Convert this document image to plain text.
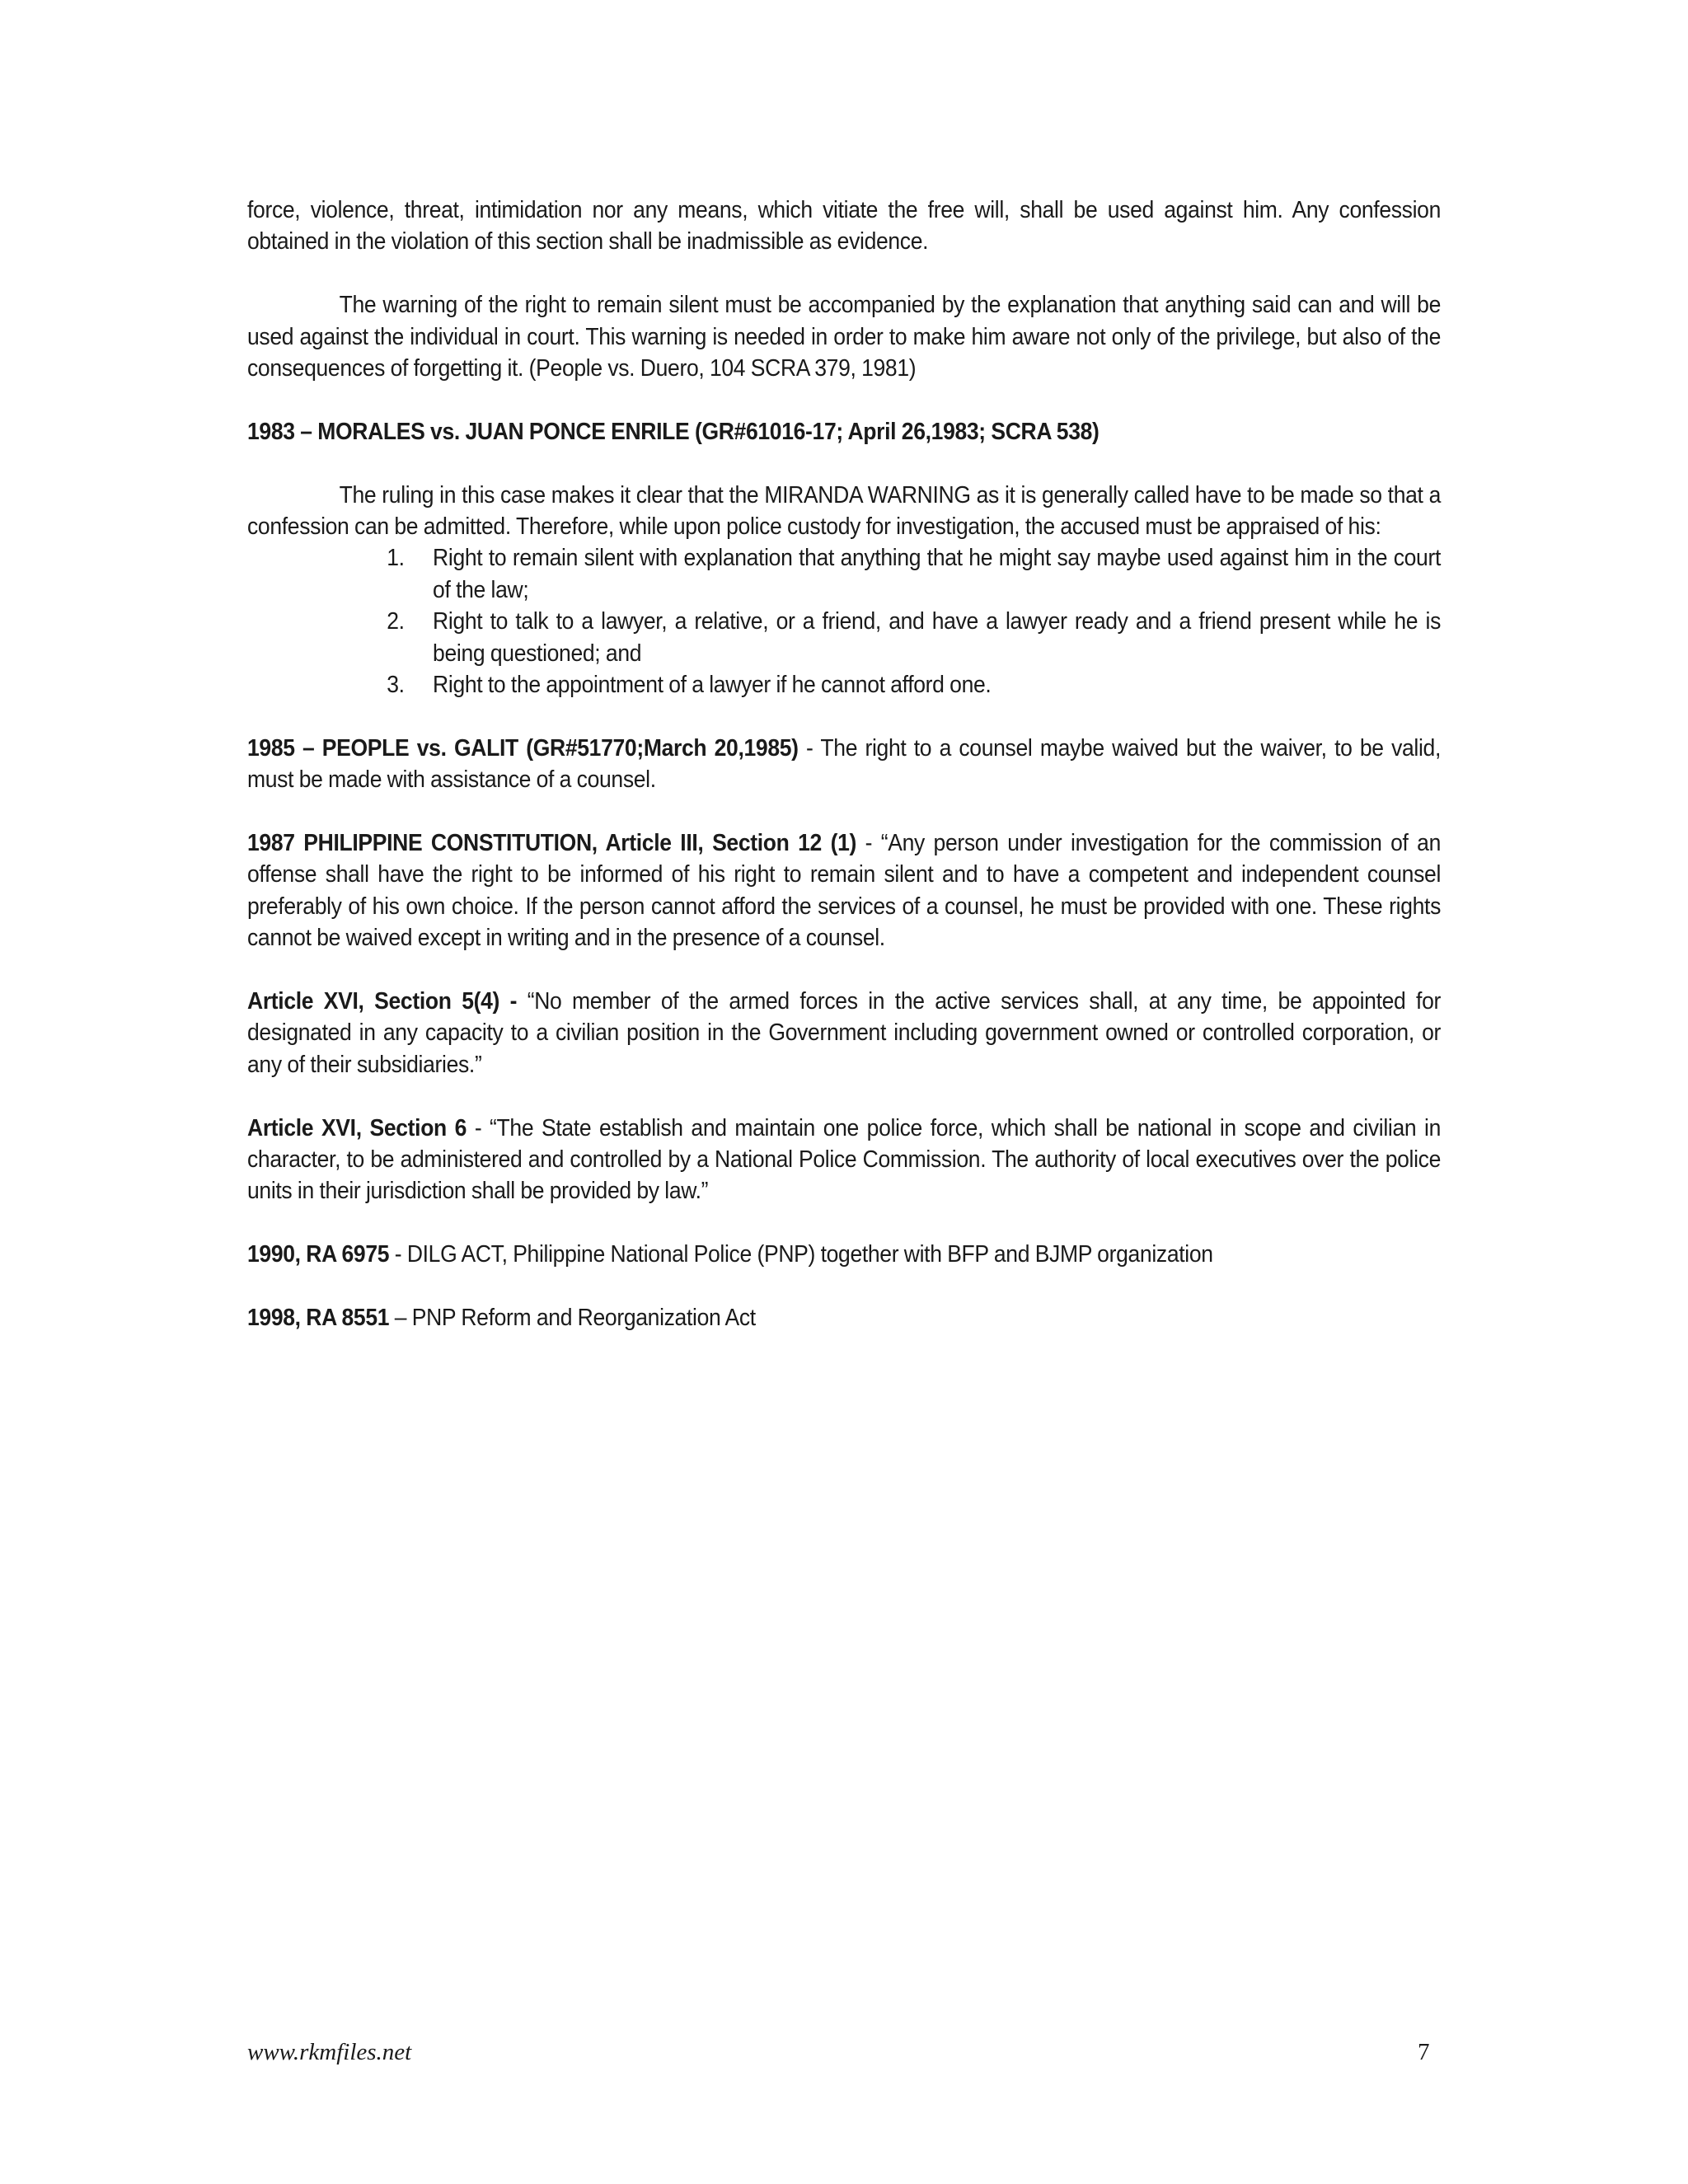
force, violence, threat, intimidation nor any means, which vitiate the free will, shall be used against him. Any confession obtained in the violation of this section shall be inadmissible as evidence.

The warning of the right to remain silent must be accompanied by the explanation that anything said can and will be used against the individual in court. This warning is needed in order to make him aware not only of the privilege, but also of the consequences of forgetting it. (People vs. Duero, 104 SCRA 379, 1981)

1983 – MORALES vs. JUAN PONCE ENRILE (GR#61016-17; April 26,1983; SCRA 538)

The ruling in this case makes it clear that the MIRANDA WARNING as it is generally called have to be made so that a confession can be admitted. Therefore, while upon police custody for investigation, the accused must be appraised of his:

1. Right to remain silent with explanation that anything that he might say maybe used against him in the court of the law;
2. Right to talk to a lawyer, a relative, or a friend, and have a lawyer ready and a friend present while he is being questioned; and
3. Right to the appointment of a lawyer if he cannot afford one.

1985 – PEOPLE vs. GALIT (GR#51770;March 20,1985) - The right to a counsel maybe waived but the waiver, to be valid, must be made with assistance of a counsel.

1987 PHILIPPINE CONSTITUTION, Article III, Section 12 (1) - “Any person under investigation for the commission of an offense shall have the right to be informed of his right to remain silent and to have a competent and independent counsel preferably of his own choice. If the person cannot afford the services of a counsel, he must be provided with one. These rights cannot be waived except in writing and in the presence of a counsel.

Article XVI, Section 5(4) - “No member of the armed forces in the active services shall, at any time, be appointed for designated in any capacity to a civilian position in the Government including government owned or controlled corporation, or any of their subsidiaries.”

Article XVI, Section 6 - “The State establish and maintain one police force, which shall be national in scope and civilian in character, to be administered and controlled by a National Police Commission. The authority of local executives over the police units in their jurisdiction shall be provided by law.”

1990, RA 6975 - DILG ACT, Philippine National Police (PNP) together with BFP and BJMP organization

1998, RA 8551 – PNP Reform and Reorganization Act

www.rkmfiles.net	7
